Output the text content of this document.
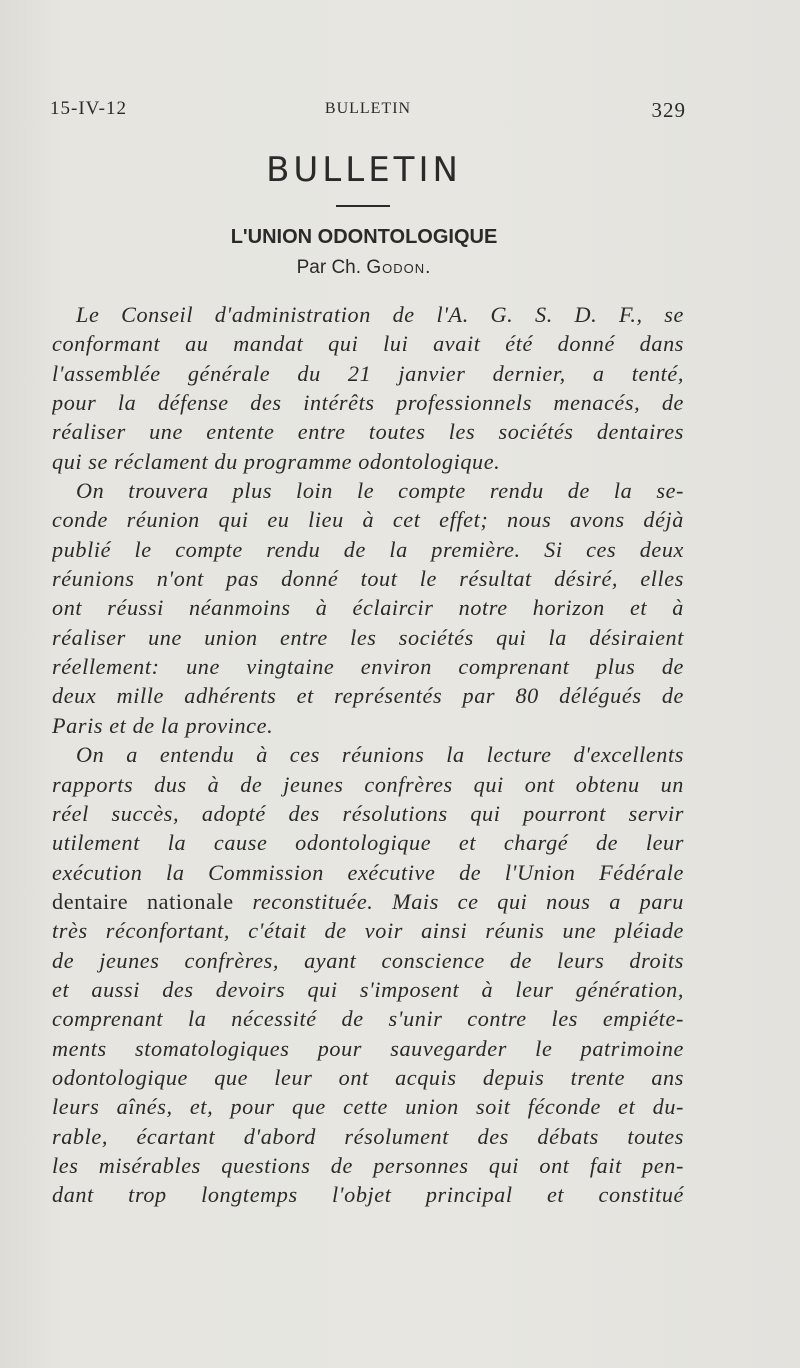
15-IV-12	BULLETIN	329
BULLETIN
L'UNION ODONTOLOGIQUE
Par Ch. Godon.
Le Conseil d'administration de l'A. G. S. D. F., se
conformant au mandat qui lui avait été donné dans
l'assemblée générale du 21 janvier dernier, a tenté,
pour la défense des intérêts professionnels menacés, de
réaliser une entente entre toutes les sociétés dentaires
qui se réclament du programme odontologique.
On trouvera plus loin le compte rendu de la se-
conde réunion qui eu lieu à cet effet; nous avons déjà
publié le compte rendu de la première. Si ces deux
réunions n'ont pas donné tout le résultat désiré, elles
ont réussi néanmoins à éclaircir notre horizon et à
réaliser une union entre les sociétés qui la désiraient
réellement: une vingtaine environ comprenant plus de
deux mille adhérents et représentés par 80 délégués de
Paris et de la province.
On a entendu à ces réunions la lecture d'excellents
rapports dus à de jeunes confrères qui ont obtenu un
réel succès, adopté des résolutions qui pourront servir
utilement la cause odontologique et chargé de leur
exécution la Commission exécutive de l'Union Fédérale
dentaire nationale reconstituée. Mais ce qui nous a paru
très réconfortant, c'était de voir ainsi réunis une pléiade
de jeunes confrères, ayant conscience de leurs droits
et aussi des devoirs qui s'imposent à leur génération,
comprenant la nécessité de s'unir contre les empiéte-
ments stomatologiques pour sauvegarder le patrimoine
odontologique que leur ont acquis depuis trente ans
leurs aînés, et, pour que cette union soit féconde et du-
rable, écartant d'abord résolument des débats toutes
les misérables questions de personnes qui ont fait pen-
dant trop longtemps l'objet principal et constitué
